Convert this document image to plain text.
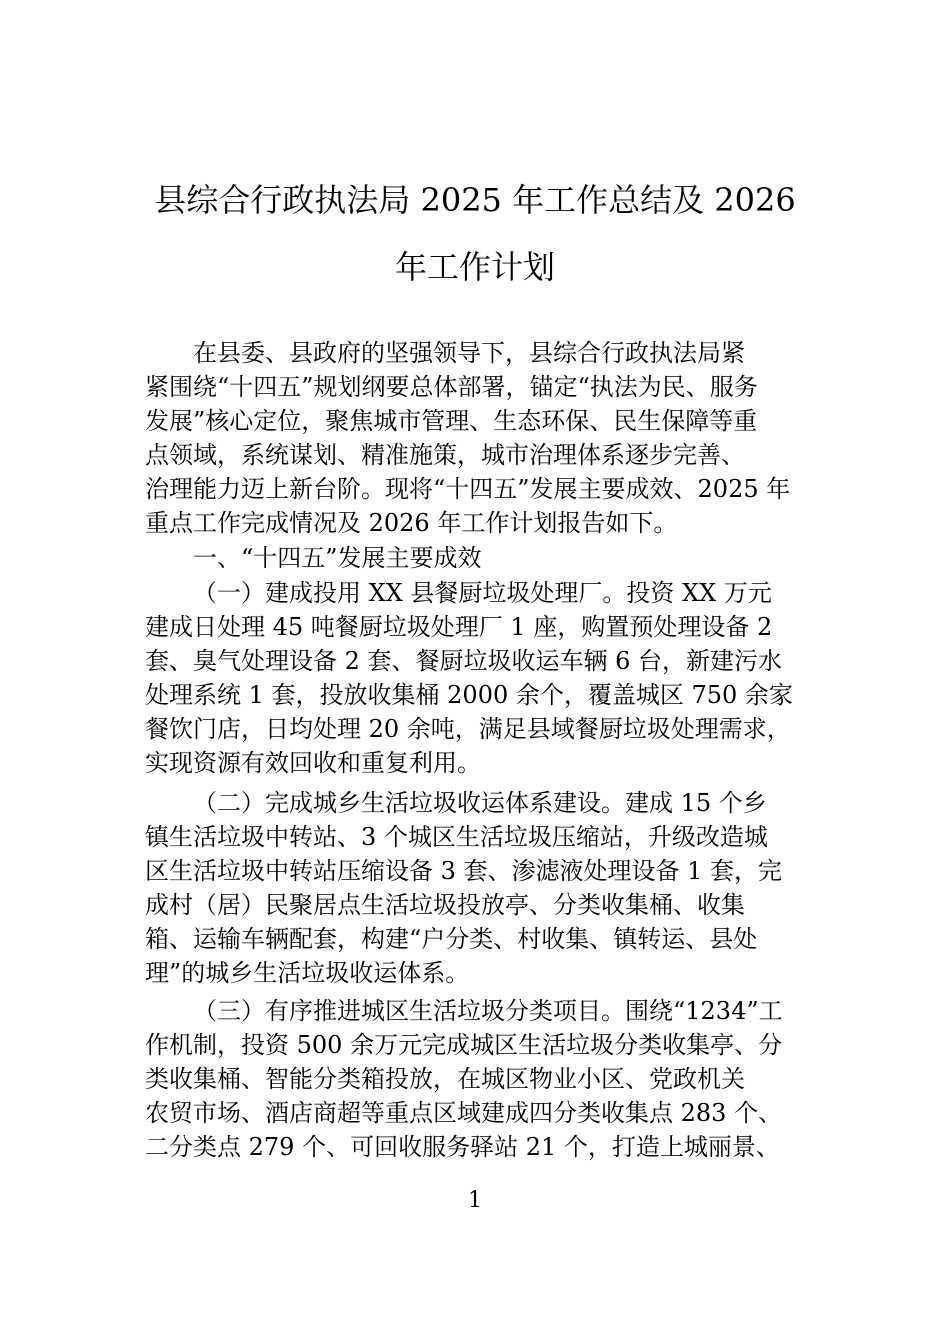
县综合行政执法局 2025 年工作总结及 2026
年工作计划
在县委、县政府的坚强领导下，县综合行政执法局紧
紧围绕“十四五”规划纲要总体部署，锚定“执法为民、服务
发展”核心定位，聚焦城市管理、生态环保、民生保障等重
点领域，系统谋划、精准施策，城市治理体系逐步完善、
治理能力迈上新台阶。现将“十四五”发展主要成效、2025 年
重点工作完成情况及 2026 年工作计划报告如下。
一、“十四五”发展主要成效
（一）建成投用 XX 县餐厨垃圾处理厂。投资 XX 万元
建成日处理 45 吨餐厨垃圾处理厂 1 座，购置预处理设备 2
套、臭气处理设备 2 套、餐厨垃圾收运车辆 6 台，新建污水
处理系统 1 套，投放收集桶 2000 余个，覆盖城区 750 余家
餐饮门店，日均处理 20 余吨，满足县域餐厨垃圾处理需求，
实现资源有效回收和重复利用。
（二）完成城乡生活垃圾收运体系建设。建成 15 个乡
镇生活垃圾中转站、3 个城区生活垃圾压缩站，升级改造城
区生活垃圾中转站压缩设备 3 套、渗滤液处理设备 1 套，完
成村（居）民聚居点生活垃圾投放亭、分类收集桶、收集
箱、运输车辆配套，构建“户分类、村收集、镇转运、县处
理”的城乡生活垃圾收运体系。
（三）有序推进城区生活垃圾分类项目。围绕“1234”工
作机制，投资 500 余万元完成城区生活垃圾分类收集亭、分
类收集桶、智能分类箱投放，在城区物业小区、党政机关
农贸市场、酒店商超等重点区域建成四分类收集点 283 个、
二分类点 279 个、可回收服务驿站 21 个，打造上城丽景、
1
